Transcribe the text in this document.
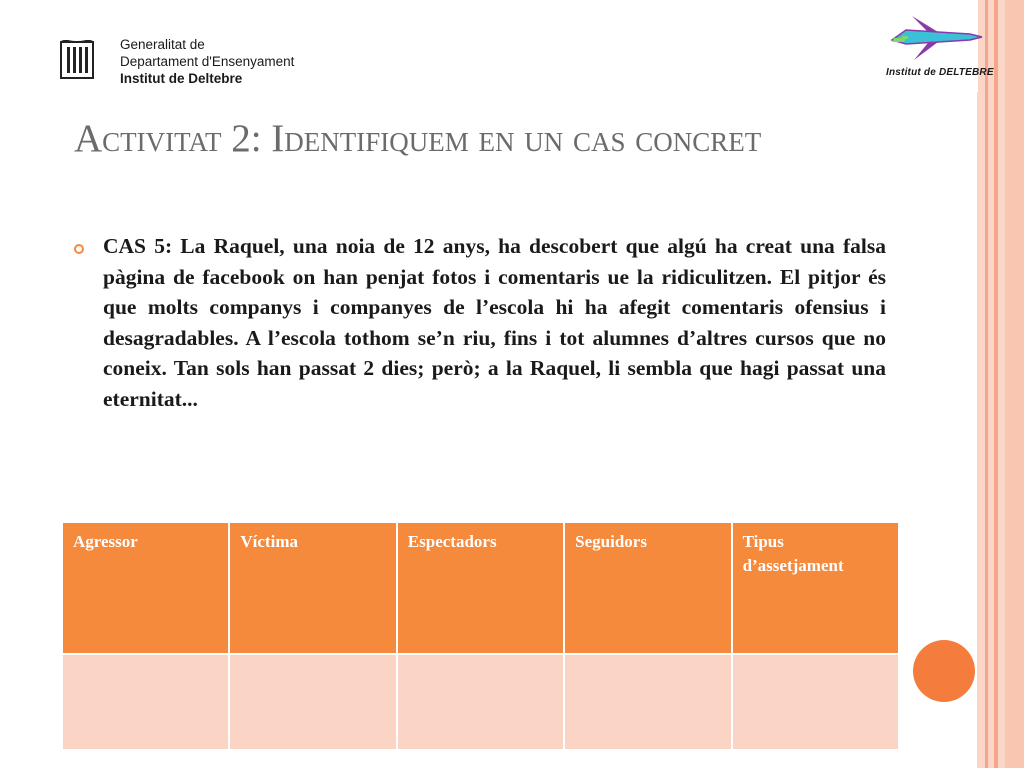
Generalitat de
Departament d'Ensenyament
Institut de Deltebre	Institut de DELTEBRE
Activitat 2: Identifiquem en un cas concret

CAS 5: La Raquel, una noia de 12 anys, ha descobert que algú ha creat una falsa pàgina de facebook on han penjat fotos i comentaris ue la ridiculitzen. El pitjor és que molts companys i companyes de l’escola hi ha afegit comentaris ofensius i desagradables. A l’escola tothom se’n riu, fins i tot alumnes d’altres cursos que no coneix. Tan sols han passat 2 dies; però; a la Raquel, li sembla que hagi passat una eternitat...

Agressor	Víctima	Espectadors	Seguidors	Tipus d’assetjament
